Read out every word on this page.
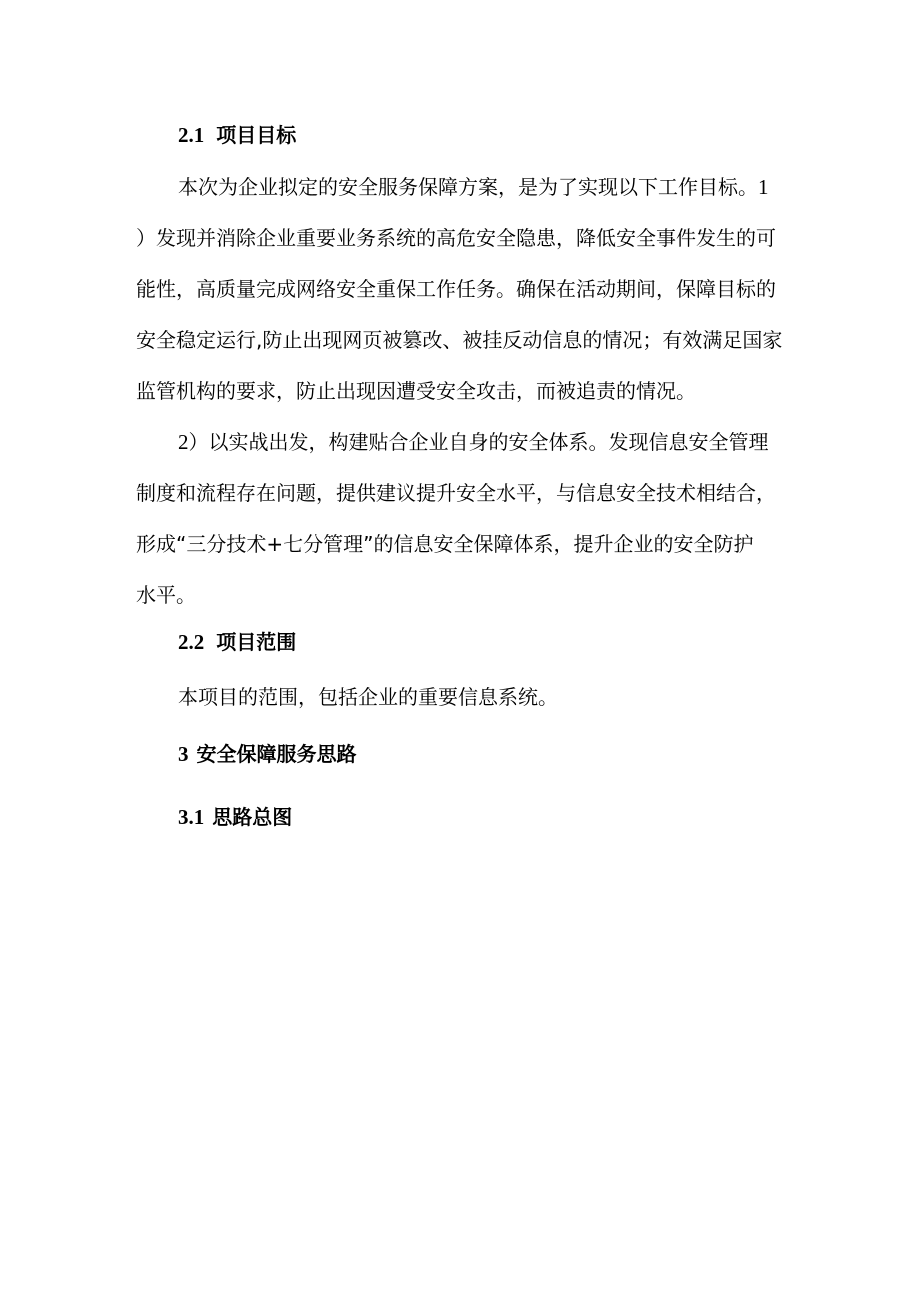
2.1 项目目标
本次为企业拟定的安全服务保障方案，是为了实现以下工作目标。1
）发现并消除企业重要业务系统的高危安全隐患，降低安全事件发生的可
能性，高质量完成网络安全重保工作任务。确保在活动期间，保障目标的
安全稳定运行,防止出现网页被篡改、被挂反动信息的情况；有效满足国家
监管机构的要求，防止出现因遭受安全攻击，而被追责的情况。
2）以实战出发，构建贴合企业自身的安全体系。发现信息安全管理
制度和流程存在问题，提供建议提升安全水平，与信息安全技术相结合，
形成“三分技术+七分管理”的信息安全保障体系，提升企业的安全防护
水平。
2.2 项目范围
本项目的范围，包括企业的重要信息系统。
3 安全保障服务思路
3.1 思路总图
